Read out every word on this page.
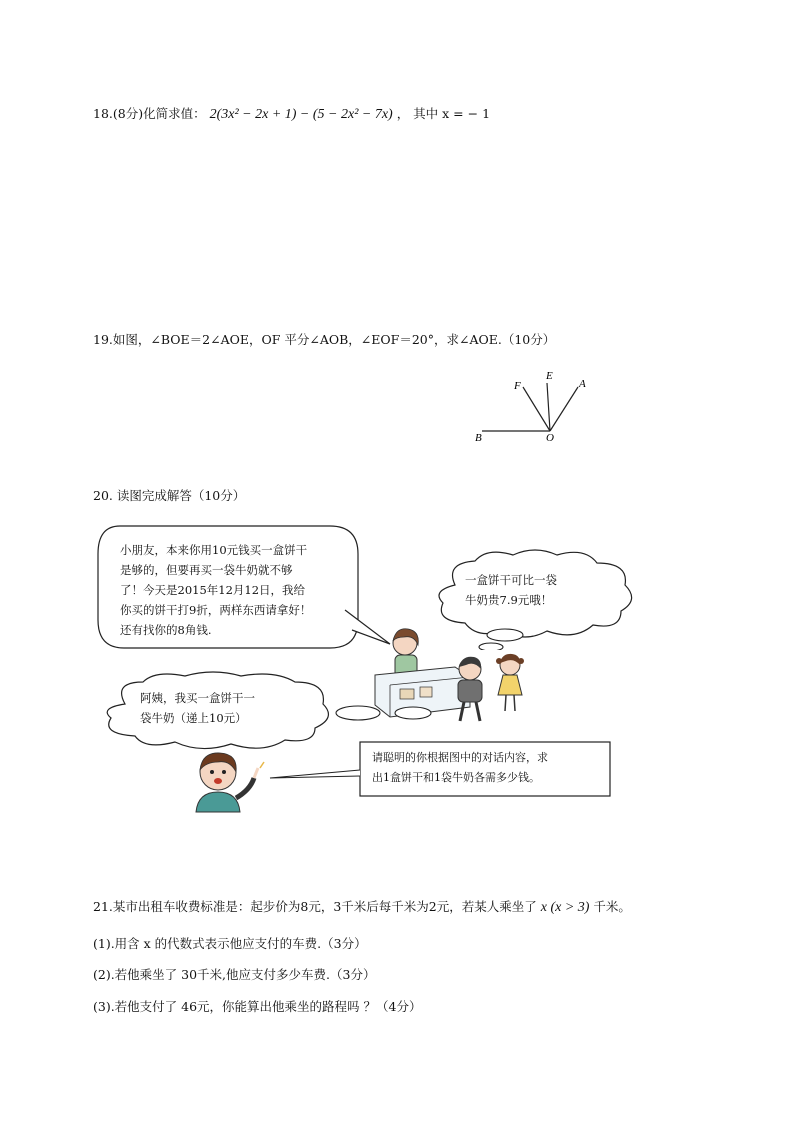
18.(8分)化简求值： 2(3x² − 2x + 1) − (5 − 2x² − 7x) ， 其中 x = − 1
19.如图，∠BOE＝2∠AOE，OF 平分∠AOB，∠EOF＝20°，求∠AOE.（10分）
F
E
A
B	O
20. 读图完成解答（10分）
小朋友，本来你用10元钱买一盒饼干
是够的，但要再买一袋牛奶就不够
了！今天是2015年12月12日，我给
你买的饼干打9折，两样东西请拿好！
还有找你的8角钱.
一盒饼干可比一袋
牛奶贵7.9元哦！
阿姨，我买一盒饼干一
袋牛奶（递上10元）
请聪明的你根据图中的对话内容，求
出1盒饼干和1袋牛奶各需多少钱。
21.某市出租车收费标准是：起步价为8元，3千米后每千米为2元，若某人乘坐了 x (x > 3) 千米。
(1).用含 x 的代数式表示他应支付的车费.（3分）
(2).若他乘坐了 30千米,他应支付多少车费.（3分）
(3).若他支付了 46元，你能算出他乘坐的路程吗 ？（4分）
